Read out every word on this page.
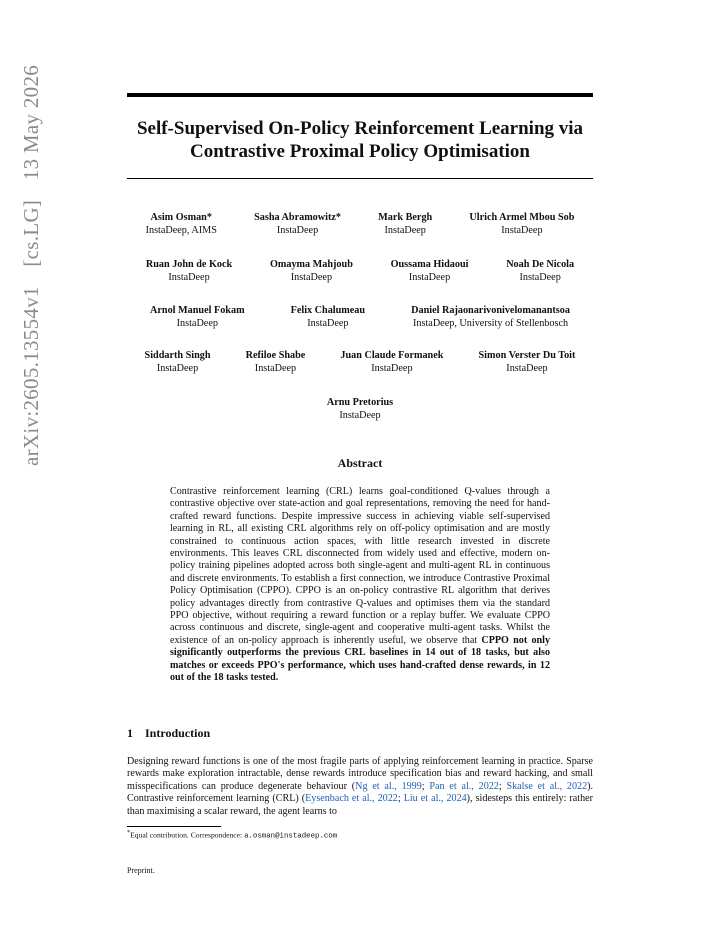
arXiv:2605.13554v1 [cs.LG] 13 May 2026	Self-Supervised On-Policy Reinforcement Learning via Contrastive Proximal Policy Optimisation
Asim Osman*
InstaDeep, AIMS
Sasha Abramowitz*
InstaDeep
Mark Bergh
InstaDeep
Ulrich Armel Mbou Sob
InstaDeep
Ruan John de Kock
InstaDeep
Omayma Mahjoub
InstaDeep
Oussama Hidaoui
InstaDeep
Noah De Nicola
InstaDeep
Arnol Manuel Fokam
InstaDeep
Felix Chalumeau
InstaDeep
Daniel Rajaonarivonivelomanantsoa
InstaDeep, University of Stellenbosch
Siddarth Singh
InstaDeep
Refiloe Shabe
InstaDeep
Juan Claude Formanek
InstaDeep
Simon Verster Du Toit
InstaDeep
Arnu Pretorius
InstaDeep
Abstract
Contrastive reinforcement learning (CRL) learns goal-conditioned Q-values through a contrastive objective over state-action and goal representations, removing the need for hand-crafted reward functions. Despite impressive success in achieving viable self-supervised learning in RL, all existing CRL algorithms rely on off-policy optimisation and are mostly constrained to continuous action spaces, with little research invested in discrete environments. This leaves CRL disconnected from widely used and effective, modern on-policy training pipelines adopted across both single-agent and multi-agent RL in continuous and discrete environments. To establish a first connection, we introduce Contrastive Proximal Policy Optimisation (CPPO). CPPO is an on-policy contrastive RL algorithm that derives policy advantages directly from contrastive Q-values and optimises them via the standard PPO objective, without requiring a reward function or a replay buffer. We evaluate CPPO across continuous and discrete, single-agent and cooperative multi-agent tasks. Whilst the existence of an on-policy approach is inherently useful, we observe that CPPO not only significantly outperforms the previous CRL baselines in 14 out of 18 tasks, but also matches or exceeds PPO's performance, which uses hand-crafted dense rewards, in 12 out of the 18 tasks tested.
1 Introduction
Designing reward functions is one of the most fragile parts of applying reinforcement learning in practice. Sparse rewards make exploration intractable, dense rewards introduce specification bias and reward hacking, and small misspecifications can produce degenerate behaviour (Ng et al., 1999; Pan et al., 2022; Skalse et al., 2022). Contrastive reinforcement learning (CRL) (Eysenbach et al., 2022; Liu et al., 2024), sidesteps this entirely: rather than maximising a scalar reward, the agent learns to
*Equal contribution. Correspondence: a.osman@instadeep.com
Preprint.
